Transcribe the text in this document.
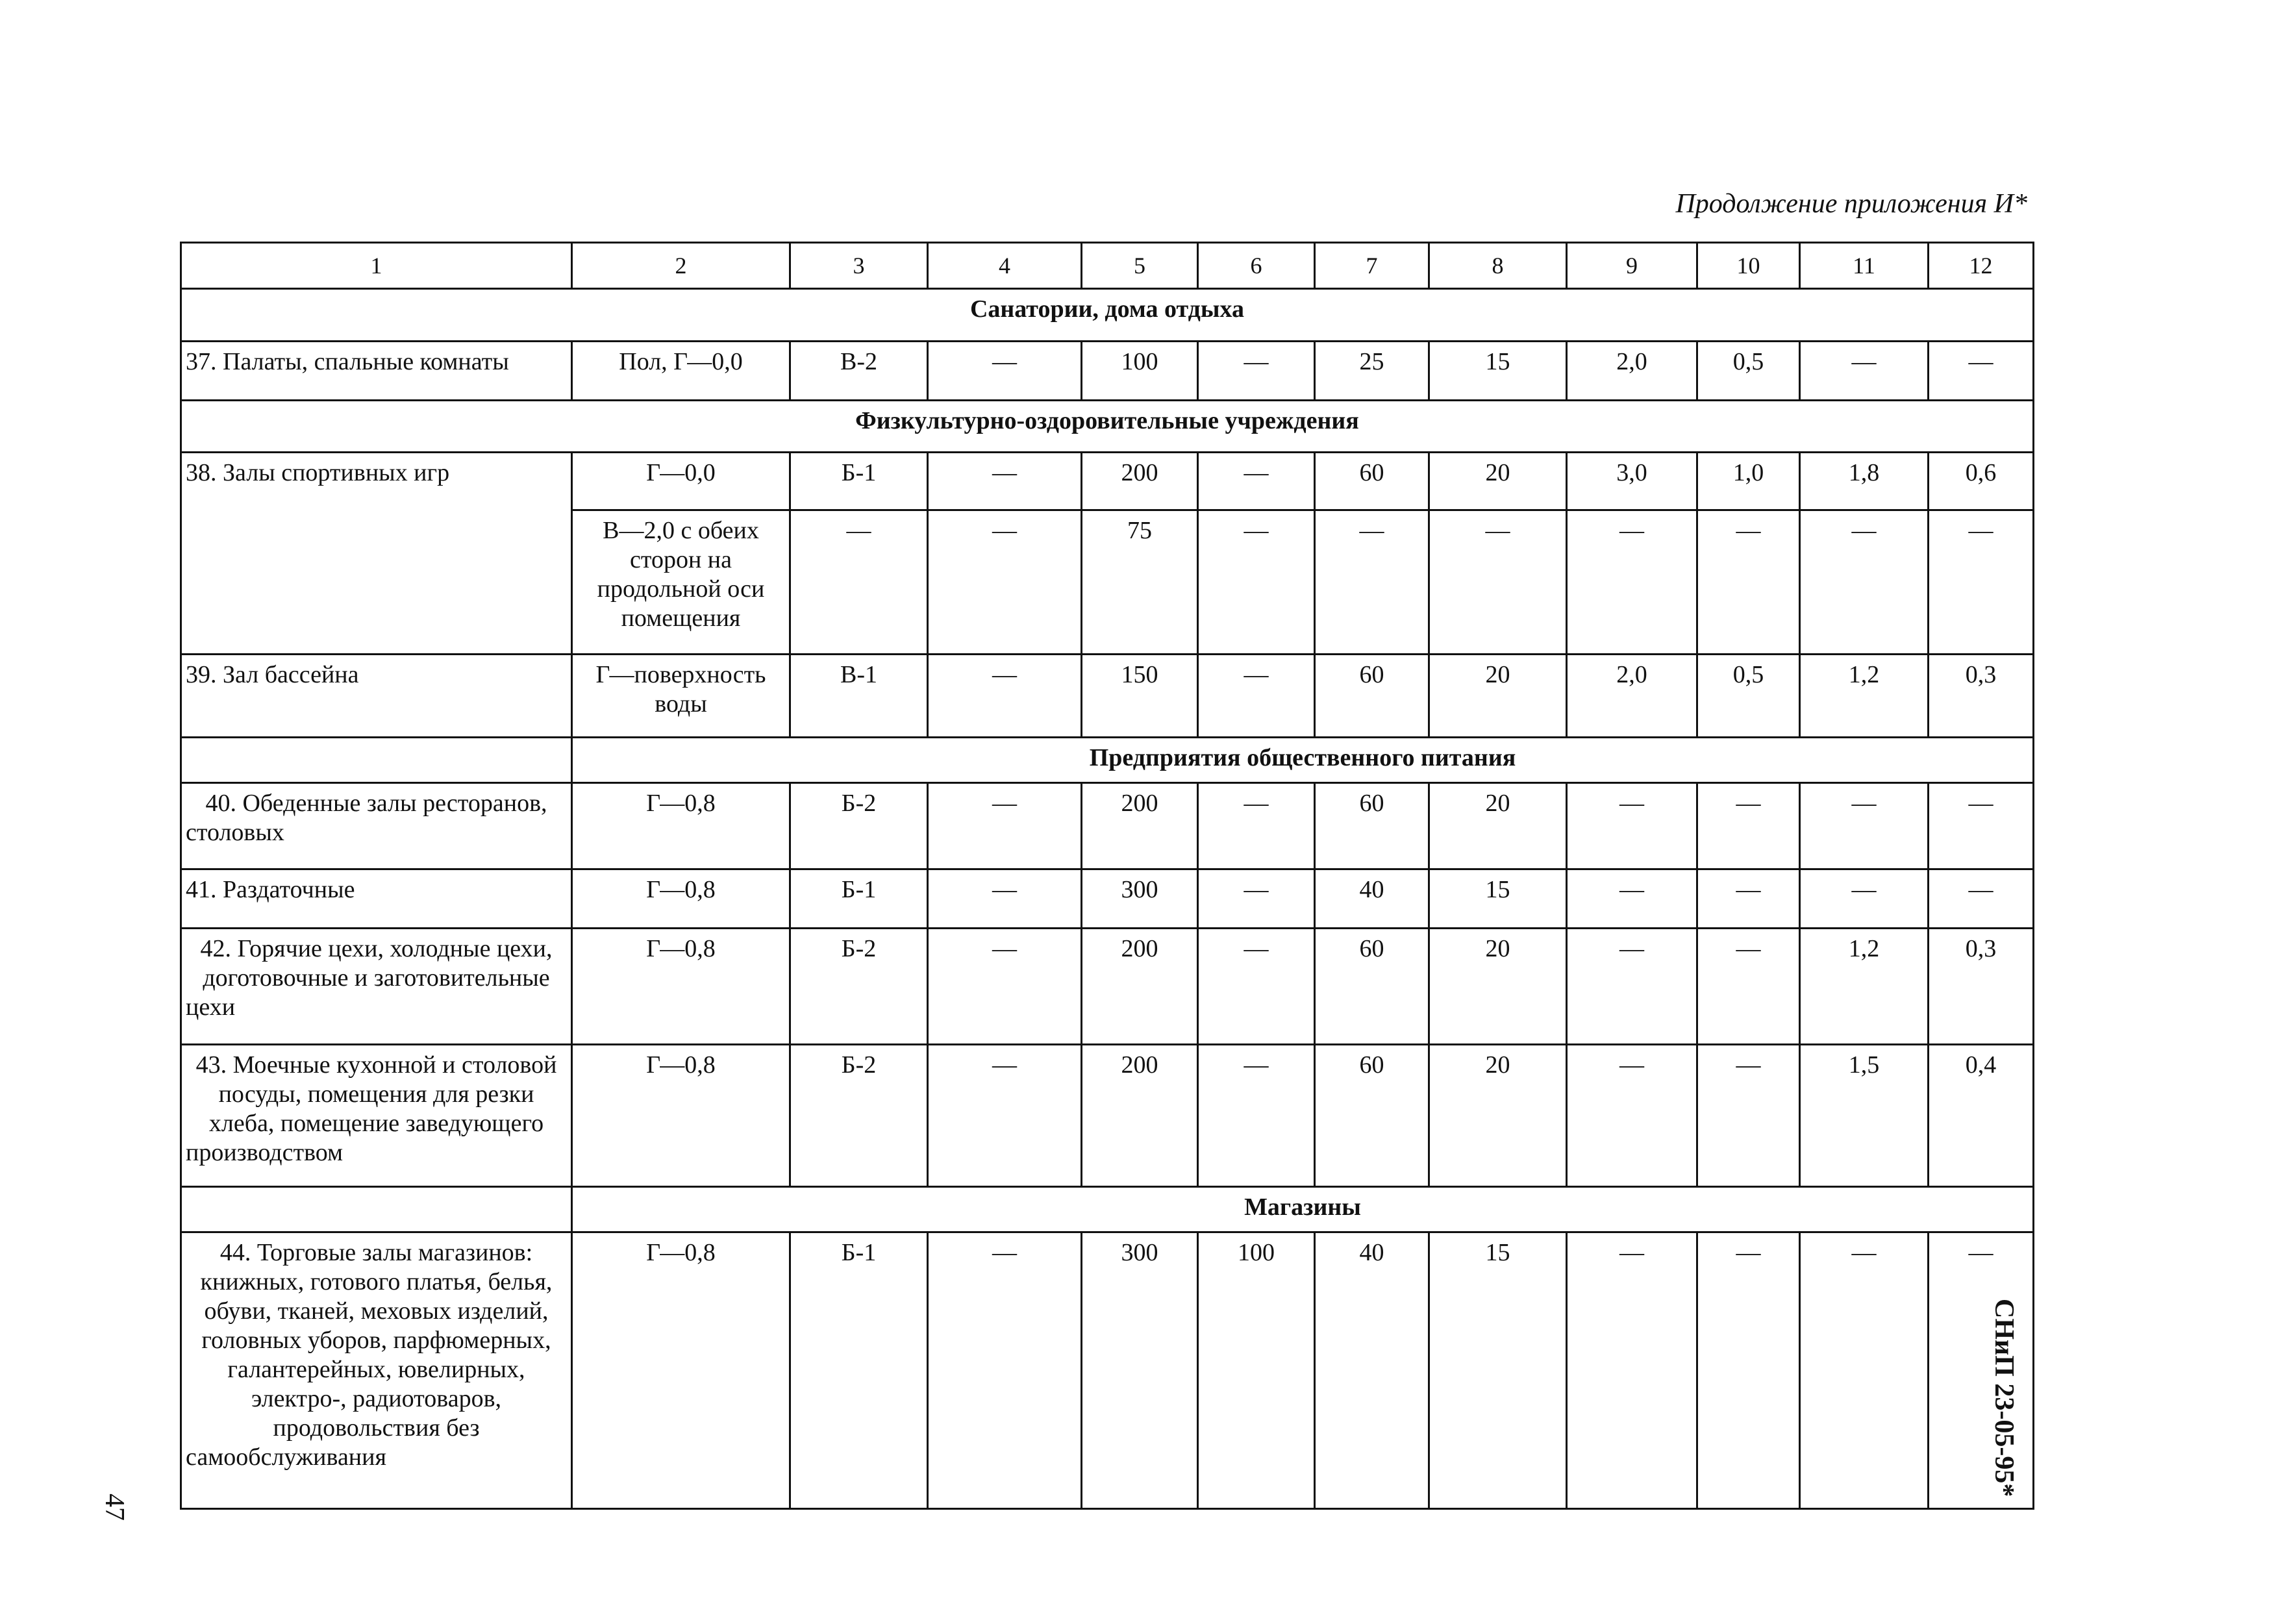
Продолжение приложения И*
1	2	3	4	5	6	7	8	9	10	11	12
Санатории, дома отдыха											
37. Палаты, спальные комнаты	Пол, Г—0,0	В-2	—	100	—	25	15	2,0	0,5	—	—
Физкультурно-оздоровительные учреждения											
38. Залы спортивных игр	Г—0,0	Б-1	—	200	—	60	20	3,0	1,0	1,8	0,6
	В—2,0 с обеих сторон на продольной оси помещения	—	—	75	—	—	—	—	—	—	—
39. Зал бассейна	Г—поверхность воды	В-1	—	150	—	60	20	2,0	0,5	1,2	0,3
	Предприятия общественного питания										
40. Обеденные залы ресторанов, столовых	Г—0,8	Б-2	—	200	—	60	20	—	—	—	—
41. Раздаточные	Г—0,8	Б-1	—	300	—	40	15	—	—	—	—
42. Горячие цехи, холодные цехи, доготовочные и заготовительные цехи	Г—0,8	Б-2	—	200	—	60	20	—	—	1,2	0,3
43. Моечные кухонной и столовой посуды, помещения для резки хлеба, помещение заведующего производством	Г—0,8	Б-2	—	200	—	60	20	—	—	1,5	0,4
	Магазины										
44. Торговые залы магазинов: книжных, готового платья, белья, обуви, тканей, меховых изделий, головных уборов, парфюмерных, галантерейных, ювелирных, электро-, радиотоваров, продовольствия без самообслуживания	Г—0,8	Б-1	—	300	100	40	15	—	—	—	—
СНиП 23-05-95*
47
